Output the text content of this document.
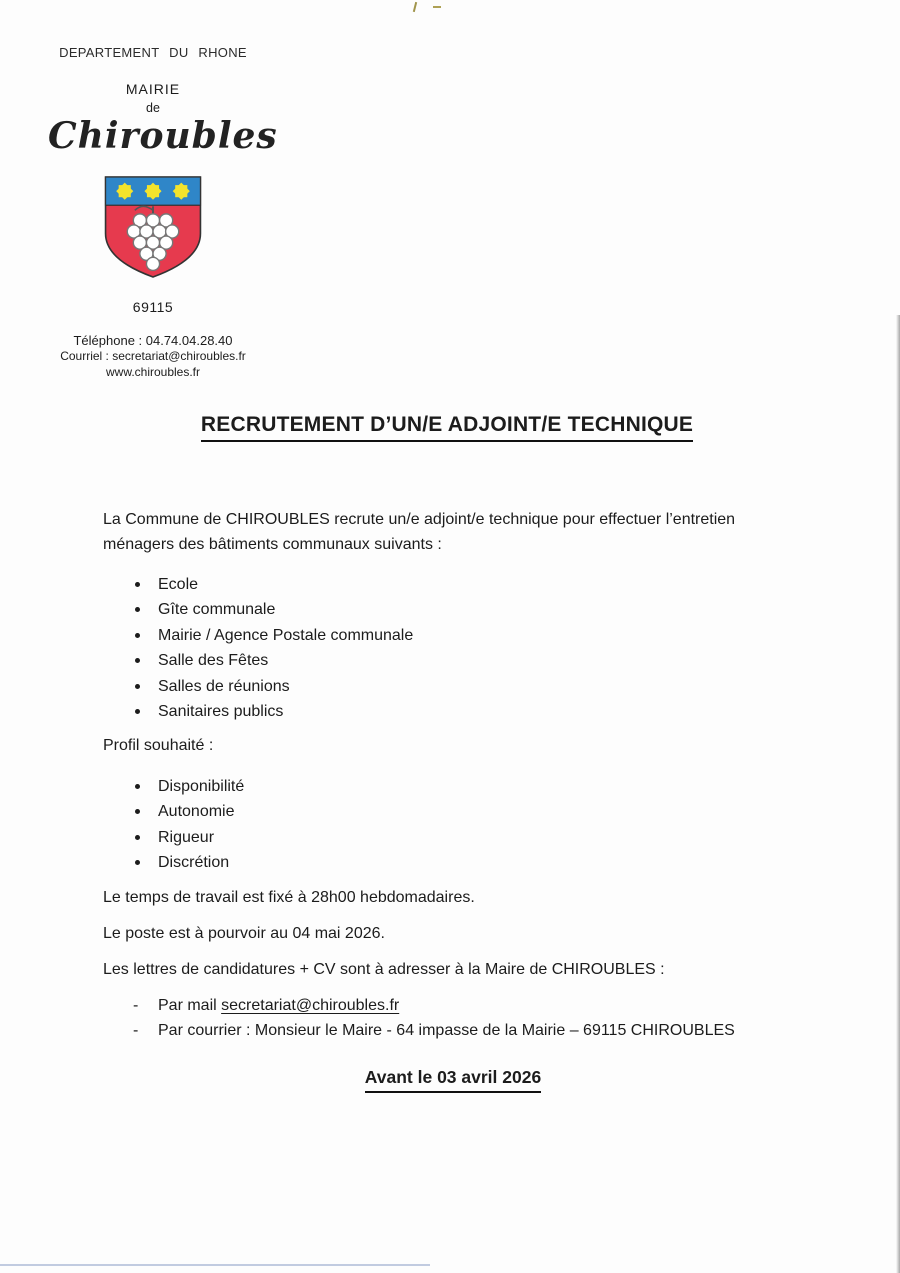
DEPARTEMENT DU RHONE
MAIRIE
de
Chiroubles
69115
Téléphone : 04.74.04.28.40
Courriel : secretariat@chiroubles.fr
www.chiroubles.fr
RECRUTEMENT D’UN/E ADJOINT/E TECHNIQUE

La Commune de CHIROUBLES recrute un/e adjoint/e technique pour effectuer l’entretien ménagers des bâtiments communaux suivants :

Ecole
Gîte communale
Mairie / Agence Postale communale
Salle des Fêtes
Salles de réunions
Sanitaires publics

Profil souhaité :

Disponibilité
Autonomie
Rigueur
Discrétion

Le temps de travail est fixé à 28h00 hebdomadaires.

Le poste est à pourvoir au 04 mai 2026.

Les lettres de candidatures + CV sont à adresser à la Maire de CHIROUBLES :

- Par mail secretariat@chiroubles.fr
- Par courrier : Monsieur le Maire - 64 impasse de la Mairie – 69115 CHIROUBLES
Avant le 03 avril 2026
